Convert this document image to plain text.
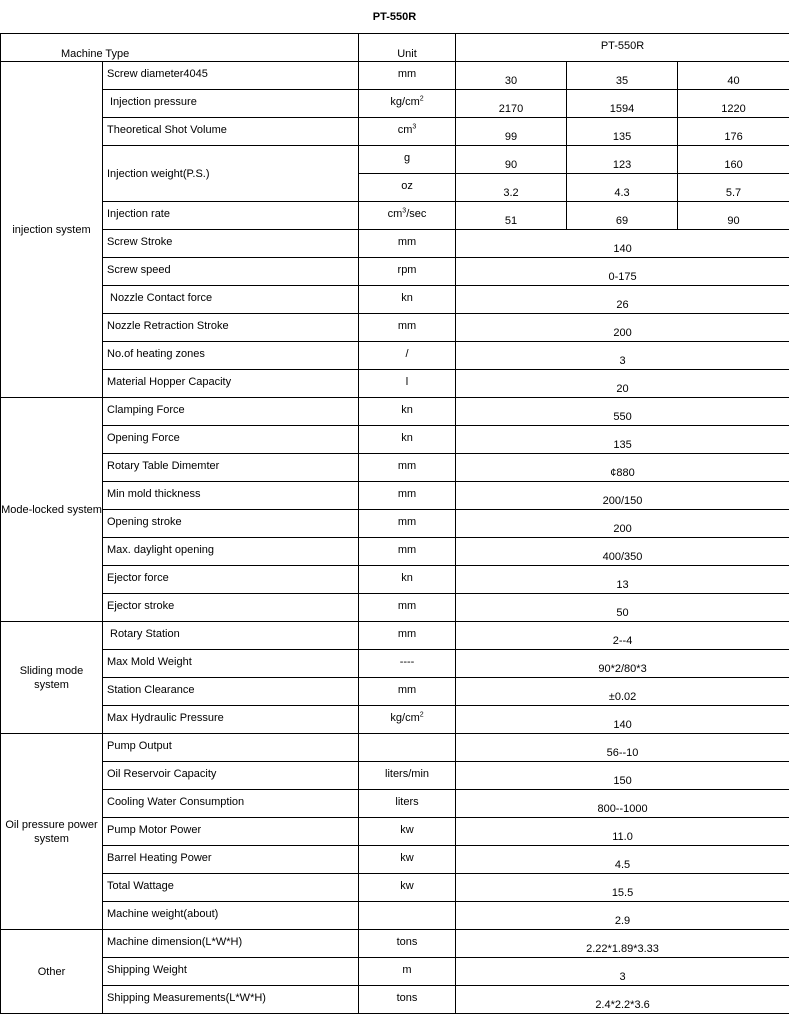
PT-550R
Machine Type		Unit	PT-550R		
injection system	Screw diameter4045	mm	30	35	40
	Injection pressure	$kg/cm^2$	2170	1594	1220
	Theoretical Shot Volume	$cm^3$	99	135	176
	Injection weight(P.S.)	g	90	123	160
		oz	3.2	4.3	5.7
	Injection rate	$cm^3/\sec$	51	69	90
	Screw Stroke	mm	140		
	Screw speed	rpm	0-175		
	Nozzle Contact force	kn	26		
	Nozzle Retraction Stroke	mm	200		
	No.of heating zones	/	3		
	Material Hopper Capacity	l	20		
Mode-locked system	Clamping Force	kn	550		
	Opening Force	kn	135		
	Rotary Table Dimemter	mm	¢880		
	Min mold thickness	mm	200/150		
	Opening stroke	mm	200		
	Max. daylight opening	mm	400/350		
	Ejector force	kn	13		
	Ejector stroke	mm	50		
Sliding mode system	Rotary Station	mm	2--4		
	Max Mold Weight	----	90*2/80*3		
	Station Clearance	mm	±0.02		
	Max Hydraulic Pressure	$kg/cm^2$	140		
Oil pressure power system	Pump Output		56--10		
	Oil Reservoir Capacity	liters/min	150		
	Cooling Water Consumption	liters	800--1000		
	Pump Motor Power	kw	11.0		
	Barrel Heating Power	kw	4.5		
	Total Wattage	kw	15.5		
	Machine weight(about)		2.9		
Other	Machine dimension(L*W*H)	tons	2.22*1.89*3.33		
	Shipping Weight	m	3		
	Shipping Measurements(L*W*H)	tons	2.4*2.2*3.6		
